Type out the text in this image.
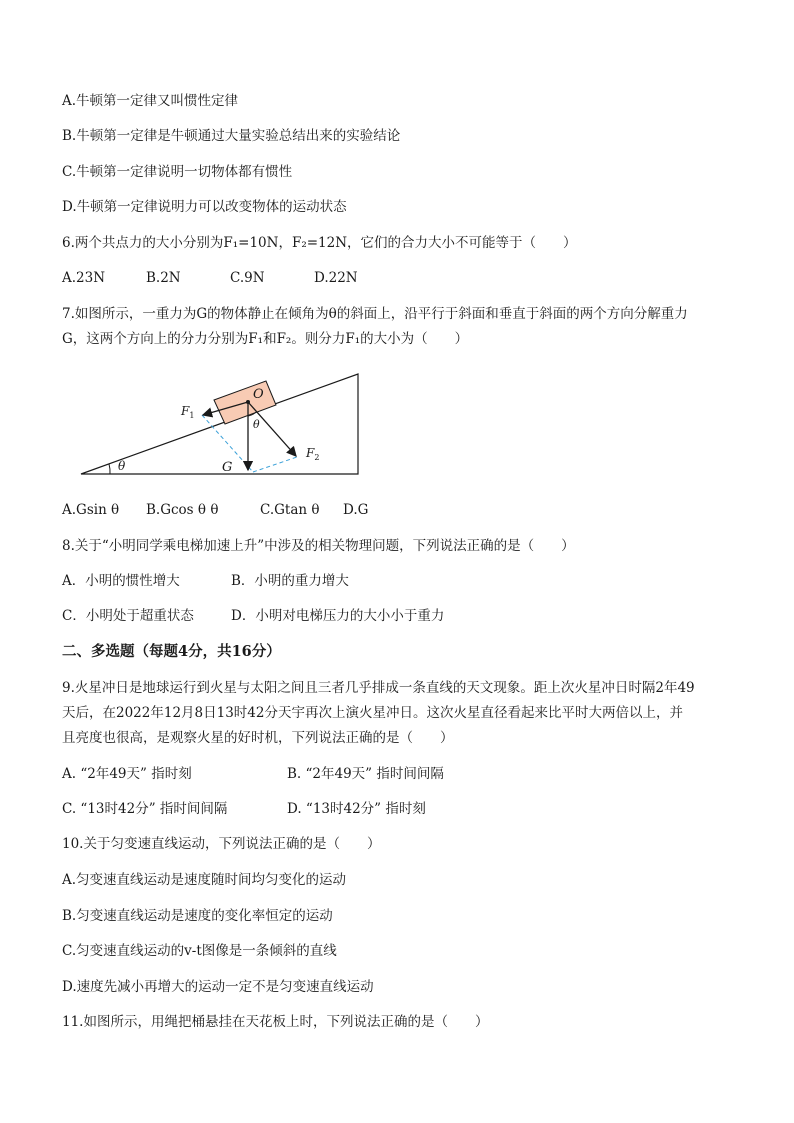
A.牛顿第一定律又叫惯性定律
B.牛顿第一定律是牛顿通过大量实验总结出来的实验结论
C.牛顿第一定律说明一切物体都有惯性
D.牛顿第一定律说明力可以改变物体的运动状态
6.两个共点力的大小分别为F₁=10N，F₂=12N，它们的合力大小不可能等于（　　）
A.23N	B.2N	C.9N	D.22N
7.如图所示，一重力为G的物体静止在倾角为θ的斜面上，沿平行于斜面和垂直于斜面的两个方向分解重力
G，这两个方向上的分力分别为F₁和F₂。则分力F₁的大小为（　　）
O
$F_1$
$F_2$
θ
θ	G
A.Gsin θ B.Gcos θ θ	C.Gtan θ D.G
8.关于“小明同学乘电梯加速上升”中涉及的相关物理问题，下列说法正确的是（　　）
A．小明的惯性增大	B．小明的重力增大
C．小明处于超重状态	D．小明对电梯压力的大小小于重力
二、多选题（每题4分，共16分）
9.火星冲日是地球运行到火星与太阳之间且三者几乎排成一条直线的天文现象。距上次火星冲日时隔2年49
天后，在2022年12月8日13时42分天宇再次上演火星冲日。这次火星直径看起来比平时大两倍以上，并
且亮度也很高，是观察火星的好时机，下列说法正确的是（　　）
A. “2年49天” 指时刻	B. “2年49天” 指时间间隔
C. “13时42分” 指时间间隔	D. “13时42分” 指时刻
10.关于匀变速直线运动，下列说法正确的是（　　）
A.匀变速直线运动是速度随时间均匀变化的运动
B.匀变速直线运动是速度的变化率恒定的运动
C.匀变速直线运动的v-t图像是一条倾斜的直线
D.速度先减小再增大的运动一定不是匀变速直线运动
11.如图所示，用绳把桶悬挂在天花板上时，下列说法正确的是（　　）
